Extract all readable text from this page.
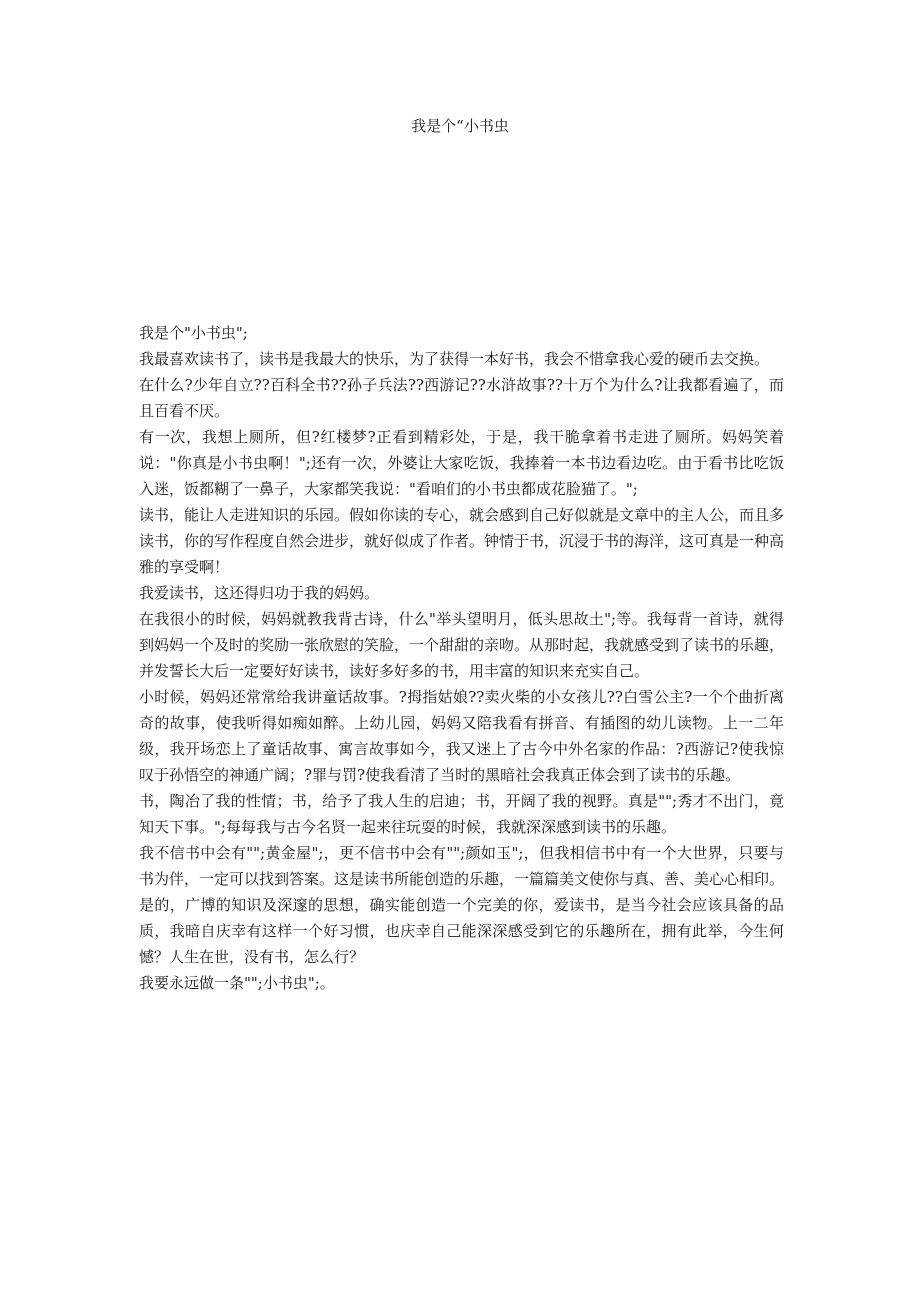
我是个“小书虫

我是个"小书虫";

我最喜欢读书了，读书是我最大的快乐，为了获得一本好书，我会不惜拿我心爱的硬币去交换。

在什么?少年自立??百科全书??孙子兵法??西游记??水浒故事??十万个为什么?让我都看遍了，而且百看不厌。

有一次，我想上厕所，但?红楼梦?正看到精彩处，于是，我干脆拿着书走进了厕所。妈妈笑着说："你真是小书虫啊！";还有一次，外婆让大家吃饭，我捧着一本书边看边吃。由于看书比吃饭入迷，饭都糊了一鼻子，大家都笑我说："看咱们的小书虫都成花脸猫了。";

读书，能让人走进知识的乐园。假如你读的专心，就会感到自己好似就是文章中的主人公，而且多读书，你的写作程度自然会进步，就好似成了作者。钟情于书，沉浸于书的海洋，这可真是一种高雅的享受啊！

我爱读书，这还得归功于我的妈妈。

在我很小的时候，妈妈就教我背古诗，什么"举头望明月，低头思故土";等。我每背一首诗，就得到妈妈一个及时的奖励一张欣慰的笑脸，一个甜甜的亲吻。从那时起，我就感受到了读书的乐趣，并发誓长大后一定要好好读书，读好多好多的书，用丰富的知识来充实自己。

小时候，妈妈还常常给我讲童话故事。?拇指姑娘??卖火柴的小女孩儿??白雪公主?一个个曲折离奇的故事，使我听得如痴如醉。上幼儿园，妈妈又陪我看有拼音、有插图的幼儿读物。上一二年级，我开场恋上了童话故事、寓言故事如今，我又迷上了古今中外名家的作品：?西游记?使我惊叹于孙悟空的神通广阔；?罪与罚?使我看清了当时的黑暗社会我真正体会到了读书的乐趣。

书，陶冶了我的性情；书，给予了我人生的启迪；书，开阔了我的视野。真是"";秀才不出门，竟知天下事。";每每我与古今名贤一起来往玩耍的时候，我就深深感到读书的乐趣。

我不信书中会有"";黄金屋";，更不信书中会有"";颜如玉";，但我相信书中有一个大世界，只要与书为伴，一定可以找到答案。这是读书所能创造的乐趣，一篇篇美文使你与真、善、美心心相印。是的，广博的知识及深邃的思想，确实能创造一个完美的你，爱读书，是当今社会应该具备的品质，我暗自庆幸有这样一个好习惯，也庆幸自己能深深感受到它的乐趣所在，拥有此举，今生何憾？人生在世，没有书，怎么行？

我要永远做一条"";小书虫";。
